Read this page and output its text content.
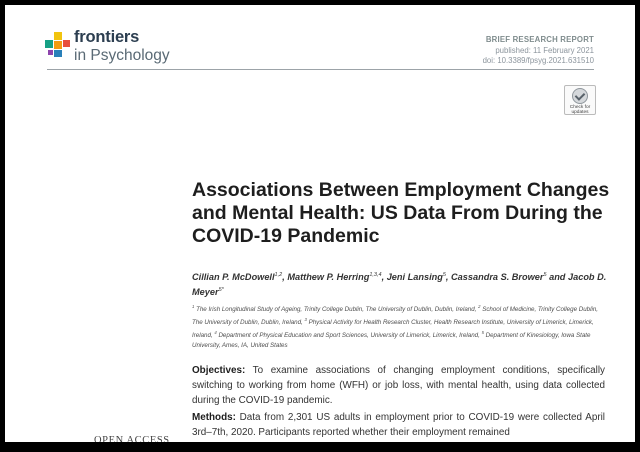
frontiers
in Psychology
BRIEF RESEARCH REPORT
published: 11 February 2021
doi: 10.3389/fpsyg.2021.631510
Check for updates
Associations Between Employment Changes and Mental Health: US Data From During the COVID-19 Pandemic
Cillian P. McDowell$^{1,2}$, Matthew P. Herring$^{1,3,4}$, Jeni Lansing$^5$, Cassandra S. Brower$^5$ and Jacob D. Meyer$^{5*}$
$^1$ The Irish Longitudinal Study of Ageing, Trinity College Dublin, The University of Dublin, Dublin, Ireland, $^2$ School of Medicine, Trinity College Dublin, The University of Dublin, Dublin, Ireland, $^3$ Physical Activity for Health Research Cluster, Health Research Institute, University of Limerick, Limerick, Ireland, $^4$ Department of Physical Education and Sport Sciences, University of Limerick, Limerick, Ireland, $^5$ Department of Kinesiology, Iowa State University, Ames, IA, United States

Objectives: To examine associations of changing employment conditions, specifically switching to working from home (WFH) or job loss, with mental health, using data collected during the COVID-19 pandemic.

Methods: Data from 2,301 US adults in employment prior to COVID-19 were collected April 3rd–7th, 2020. Participants reported whether their employment remained

OPEN ACCESS
